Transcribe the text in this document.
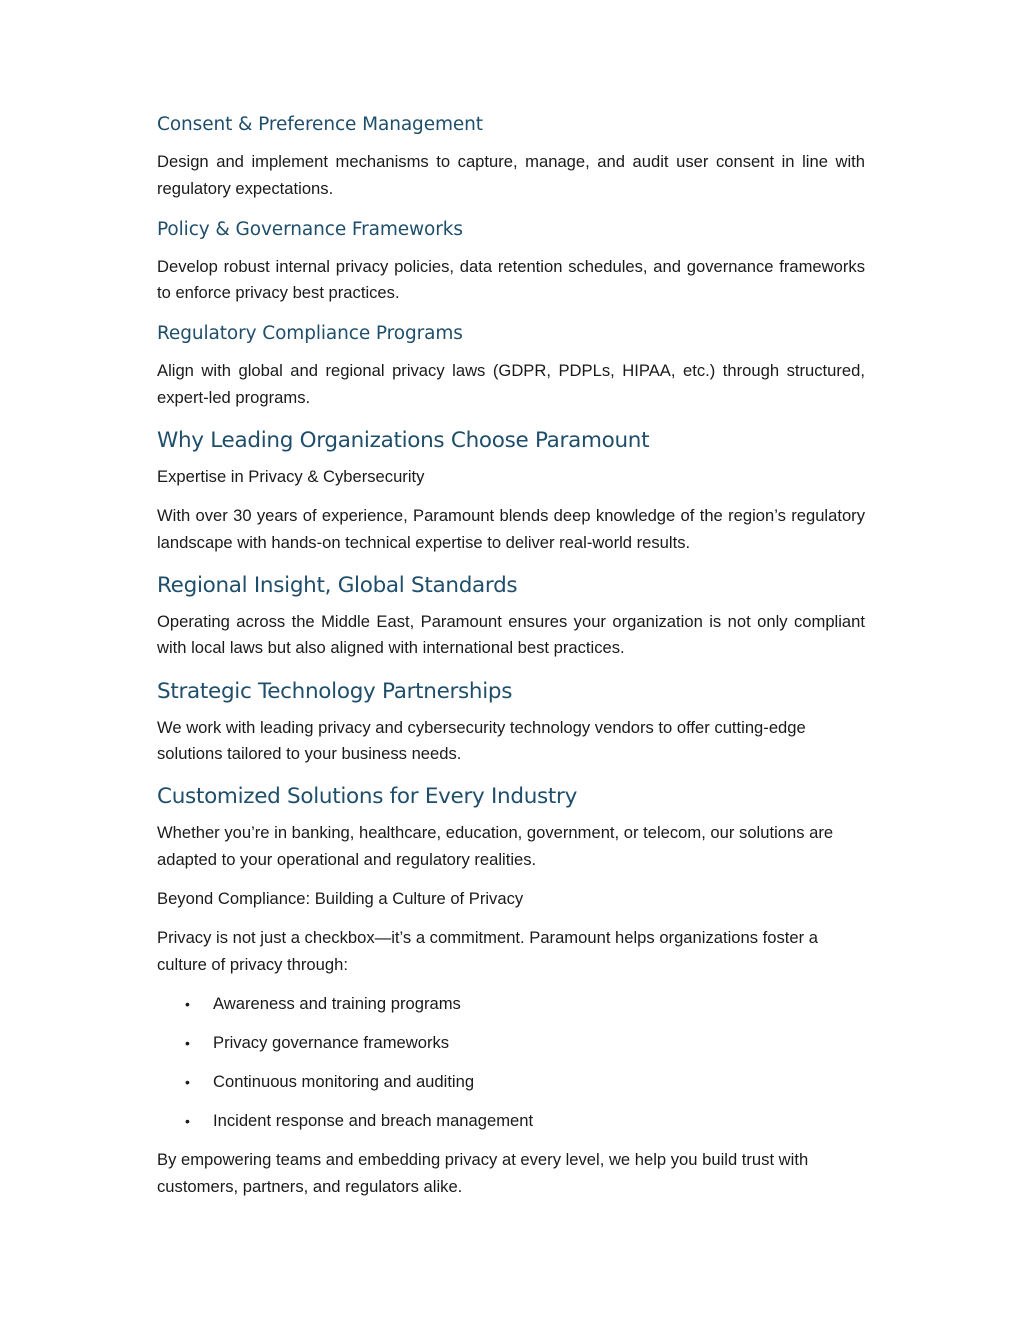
Consent & Preference Management

Design and implement mechanisms to capture, manage, and audit user consent in line with regulatory expectations.

Policy & Governance Frameworks

Develop robust internal privacy policies, data retention schedules, and governance frameworks to enforce privacy best practices.

Regulatory Compliance Programs

Align with global and regional privacy laws (GDPR, PDPLs, HIPAA, etc.) through structured, expert-led programs.

Why Leading Organizations Choose Paramount

Expertise in Privacy & Cybersecurity

With over 30 years of experience, Paramount blends deep knowledge of the region’s regulatory landscape with hands-on technical expertise to deliver real-world results.

Regional Insight, Global Standards

Operating across the Middle East, Paramount ensures your organization is not only compliant with local laws but also aligned with international best practices.

Strategic Technology Partnerships

We work with leading privacy and cybersecurity technology vendors to offer cutting-edge solutions tailored to your business needs.

Customized Solutions for Every Industry

Whether you’re in banking, healthcare, education, government, or telecom, our solutions are adapted to your operational and regulatory realities.

Beyond Compliance: Building a Culture of Privacy

Privacy is not just a checkbox—it’s a commitment. Paramount helps organizations foster a culture of privacy through:

• Awareness and training programs
• Privacy governance frameworks
• Continuous monitoring and auditing
• Incident response and breach management

By empowering teams and embedding privacy at every level, we help you build trust with customers, partners, and regulators alike.
